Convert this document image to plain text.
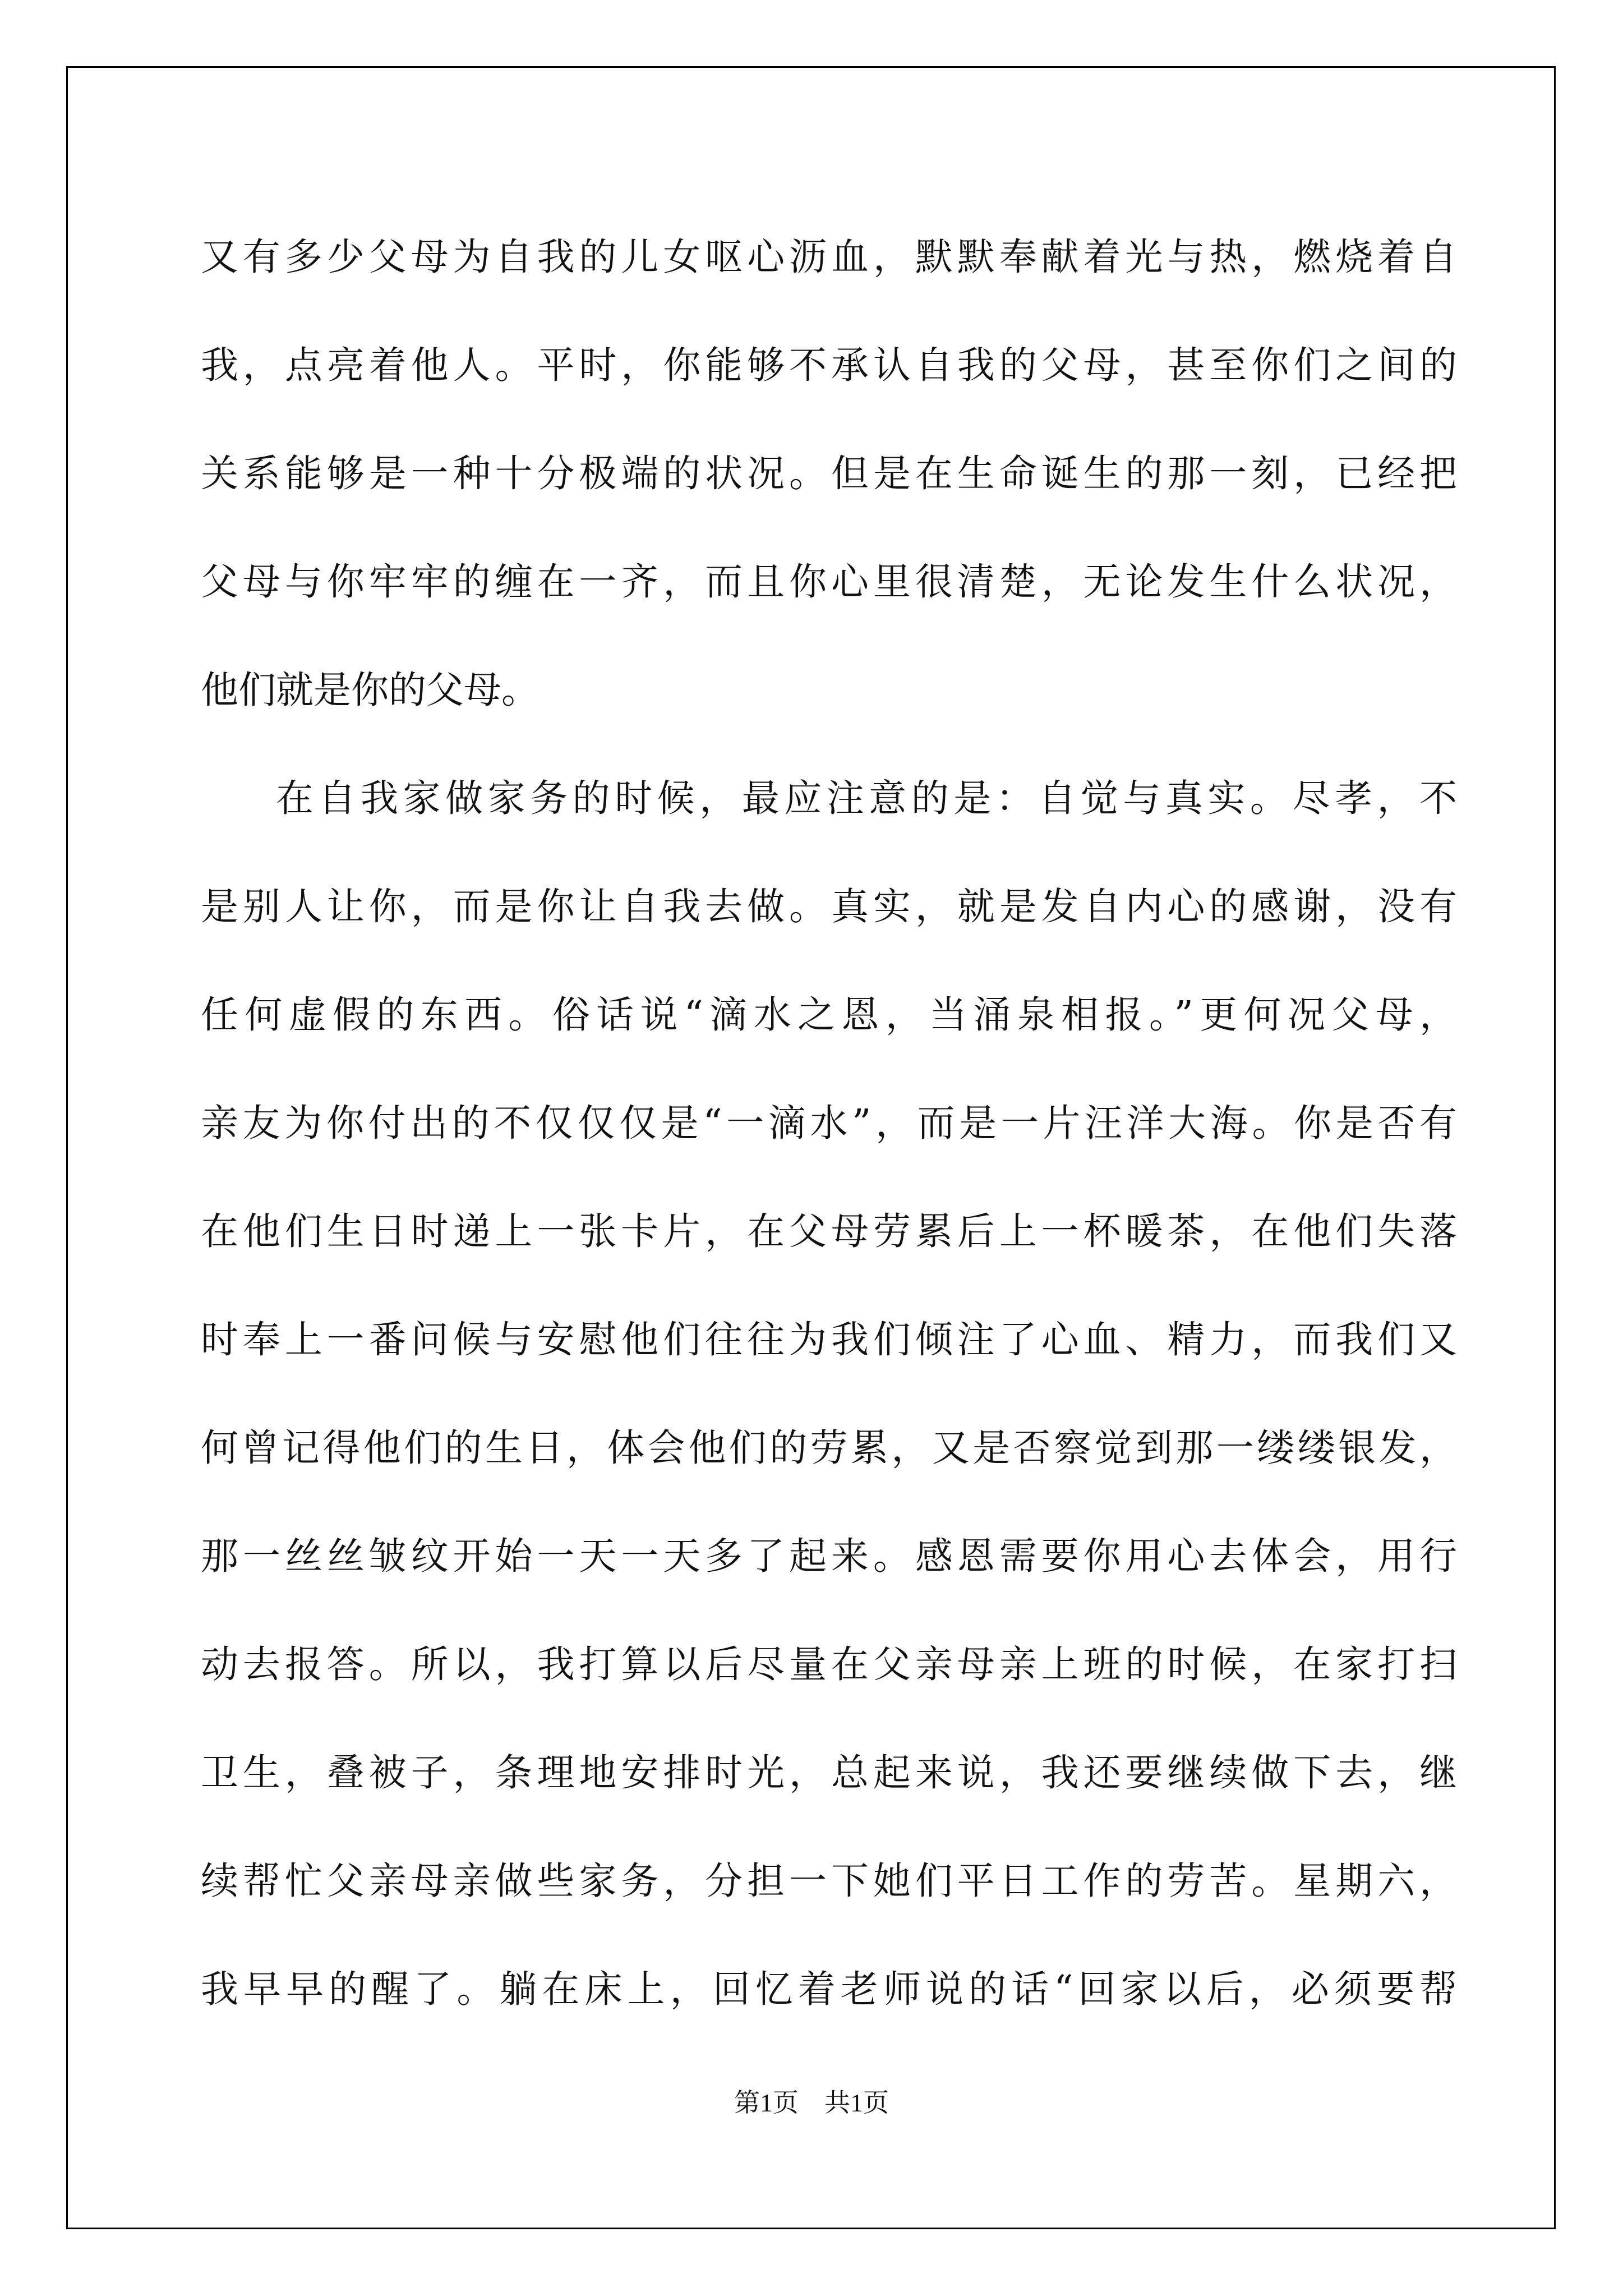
又有多少父母为自我的儿女呕心沥血，默默奉献着光与热，燃烧着自
我，点亮着他人。平时，你能够不承认自我的父母，甚至你们之间的
关系能够是一种十分极端的状况。但是在生命诞生的那一刻，已经把
父母与你牢牢的缠在一齐，而且你心里很清楚，无论发生什么状况，
他们就是你的父母。
在自我家做家务的时候，最应注意的是：自觉与真实。尽孝，不
是别人让你，而是你让自我去做。真实，就是发自内心的感谢，没有
任何虚假的东西。俗话说“滴水之恩，当涌泉相报。”更何况父母，
亲友为你付出的不仅仅仅是“一滴水”，而是一片汪洋大海。你是否有
在他们生日时递上一张卡片，在父母劳累后上一杯暖茶，在他们失落
时奉上一番问候与安慰他们往往为我们倾注了心血、精力，而我们又
何曾记得他们的生日，体会他们的劳累，又是否察觉到那一缕缕银发，
那一丝丝皱纹开始一天一天多了起来。感恩需要你用心去体会，用行
动去报答。所以，我打算以后尽量在父亲母亲上班的时候，在家打扫
卫生，叠被子，条理地安排时光，总起来说，我还要继续做下去，继
续帮忙父亲母亲做些家务，分担一下她们平日工作的劳苦。星期六，
我早早的醒了。躺在床上，回忆着老师说的话“回家以后，必须要帮
第1页　共1页
